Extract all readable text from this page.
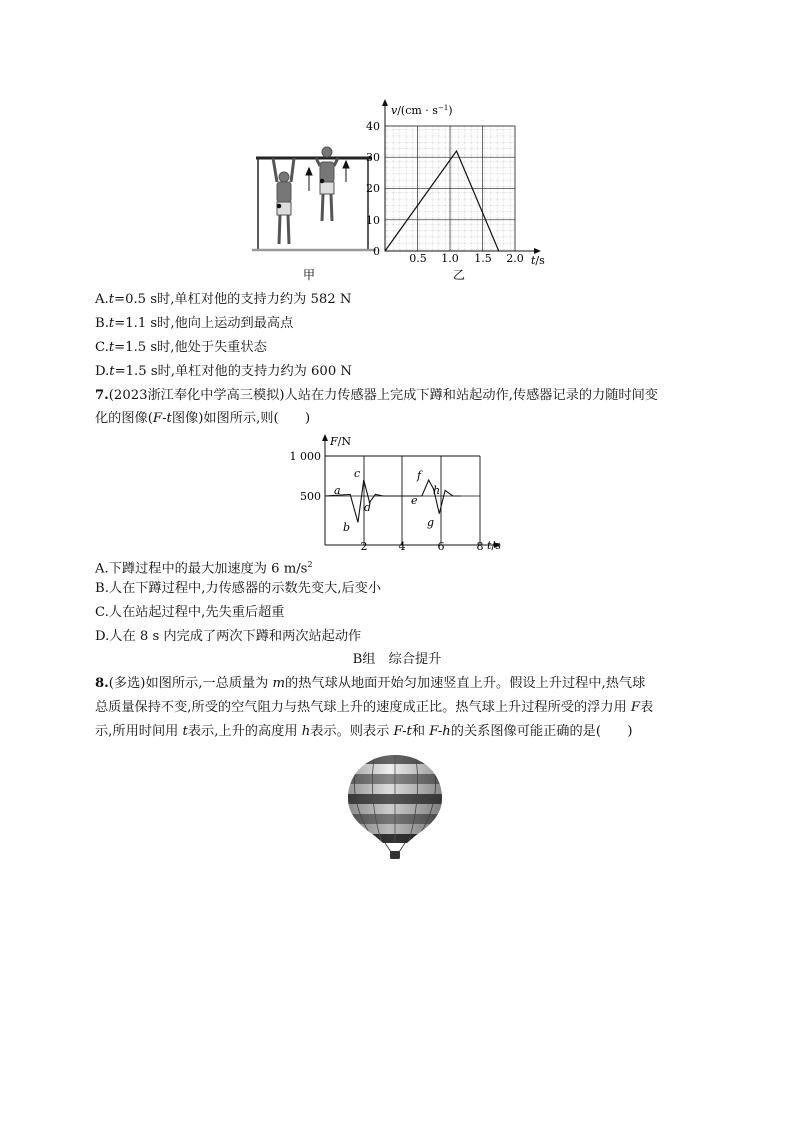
$v/(cm \cdot s^{-1})$
40
30
20
10
0
0.5 1.0 1.5 2.0 t/s
甲	乙
A.t=0.5 s时,单杠对他的支持力约为 582 N
B.t=1.1 s时,他向上运动到最高点
C.t=1.5 s时,他处于失重状态
D.t=1.5 s时,单杠对他的支持力约为 600 N
7.(2023浙江奉化中学高三模拟)人站在力传感器上完成下蹲和站起动作,传感器记录的力随时间变
化的图像(F-t图像)如图所示,则(　　)
F/N
1 000
500
2	4	6	8 t/s
a
b
c
d
e
f
g
h
A.下蹲过程中的最大加速度为 6 $m/s^2$
B.人在下蹲过程中,力传感器的示数先变大,后变小
C.人在站起过程中,先失重后超重
D.人在 8 s 内完成了两次下蹲和两次站起动作
B组　综合提升
8.(多选)如图所示,一总质量为 m的热气球从地面开始匀加速竖直上升。假设上升过程中,热气球
总质量保持不变,所受的空气阻力与热气球上升的速度成正比。热气球上升过程所受的浮力用 F表
示,所用时间用 t表示,上升的高度用 h表示。则表示 F-t和 F-h的关系图像可能正确的是(　　)
